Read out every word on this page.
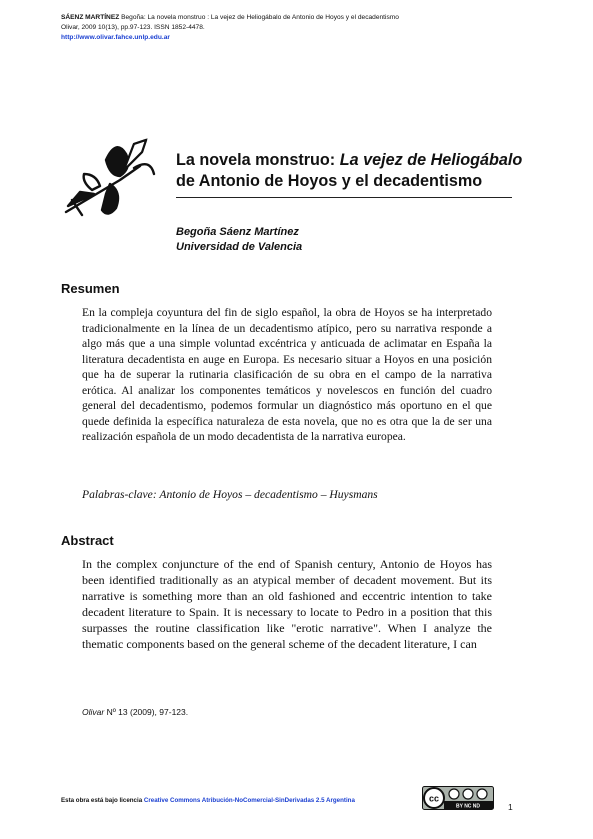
SÁENZ MARTÍNEZ Begoña: La novela monstruo : La vejez de Heliogábalo de Antonio de Hoyos y el decadentismo
Olivar, 2009 10(13), pp.97-123. ISSN 1852-4478.
http://www.olivar.fahce.unlp.edu.ar
La novela monstruo: La vejez de Heliogábalo
de Antonio de Hoyos y el decadentismo
Begoña Sáenz Martínez
Universidad de Valencia
Resumen
En la compleja coyuntura del fin de siglo español, la obra de Hoyos se ha interpretado tradicionalmente en la línea de un decadentismo atípico, pero su narrativa responde a algo más que a una simple voluntad excéntrica y anticuada de aclimatar en España la literatura decadentista en auge en Europa. Es necesario situar a Hoyos en una posición que ha de superar la rutinaria clasificación de su obra en el campo de la narrativa erótica. Al analizar los componentes temáticos y novelescos en función del cuadro general del decadentismo, podemos formular un diagnóstico más oportuno en el que quede definida la específica naturaleza de esta novela, que no es otra que la de ser una realización española de un modo decadentista de la narrativa europea.
Palabras-clave: Antonio de Hoyos – decadentismo – Huysmans
Abstract
In the complex conjuncture of the end of Spanish century, Antonio de Hoyos has been identified traditionally as an atypical member of decadent movement. But its narrative is something more than an old fashioned and eccentric intention to take decadent literature to Spain. It is necessary to locate to Pedro in a position that this surpasses the routine classification like "erotic narrative". When I analyze the thematic components based on the general scheme of the decadent literature, I can
Olivar Nº 13 (2009), 97-123.
Esta obra está bajo licencia Creative Commons Atribución-NoComercial-SinDerivadas 2.5 Argentina	cc
BY NC ND	1
